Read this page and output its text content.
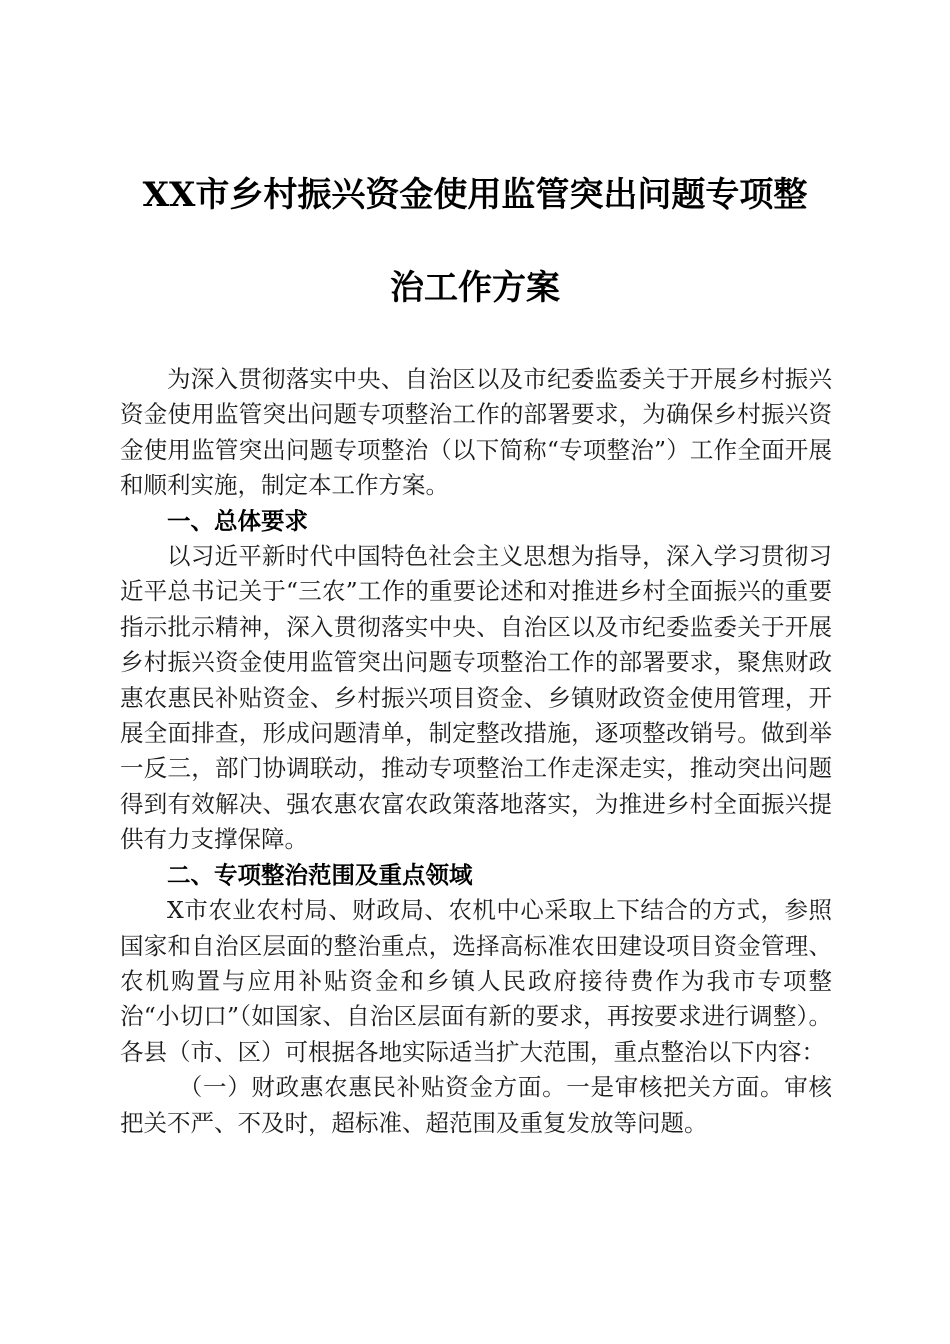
XX市乡村振兴资金使用监管突出问题专项整
治工作方案

为深入贯彻落实中央、自治区以及市纪委监委关于开展乡村振兴资金使用监管突出问题专项整治工作的部署要求，为确保乡村振兴资金使用监管突出问题专项整治（以下简称“专项整治”）工作全面开展和顺利实施，制定本工作方案。

一、总体要求

以习近平新时代中国特色社会主义思想为指导，深入学习贯彻习近平总书记关于“三农”工作的重要论述和对推进乡村全面振兴的重要指示批示精神，深入贯彻落实中央、自治区以及市纪委监委关于开展乡村振兴资金使用监管突出问题专项整治工作的部署要求，聚焦财政惠农惠民补贴资金、乡村振兴项目资金、乡镇财政资金使用管理，开展全面排查，形成问题清单，制定整改措施，逐项整改销号。做到举一反三，部门协调联动，推动专项整治工作走深走实，推动突出问题得到有效解决、强农惠农富农政策落地落实，为推进乡村全面振兴提供有力支撑保障。

二、专项整治范围及重点领域

X市农业农村局、财政局、农机中心采取上下结合的方式，参照国家和自治区层面的整治重点，选择高标准农田建设项目资金管理、农机购置与应用补贴资金和乡镇人民政府接待费作为我市专项整治“小切口”（如国家、自治区层面有新的要求，再按要求进行调整）。各县（市、区）可根据各地实际适当扩大范围，重点整治以下内容：

（一）财政惠农惠民补贴资金方面。一是审核把关方面。审核把关不严、不及时，超标准、超范围及重复发放等问题。
